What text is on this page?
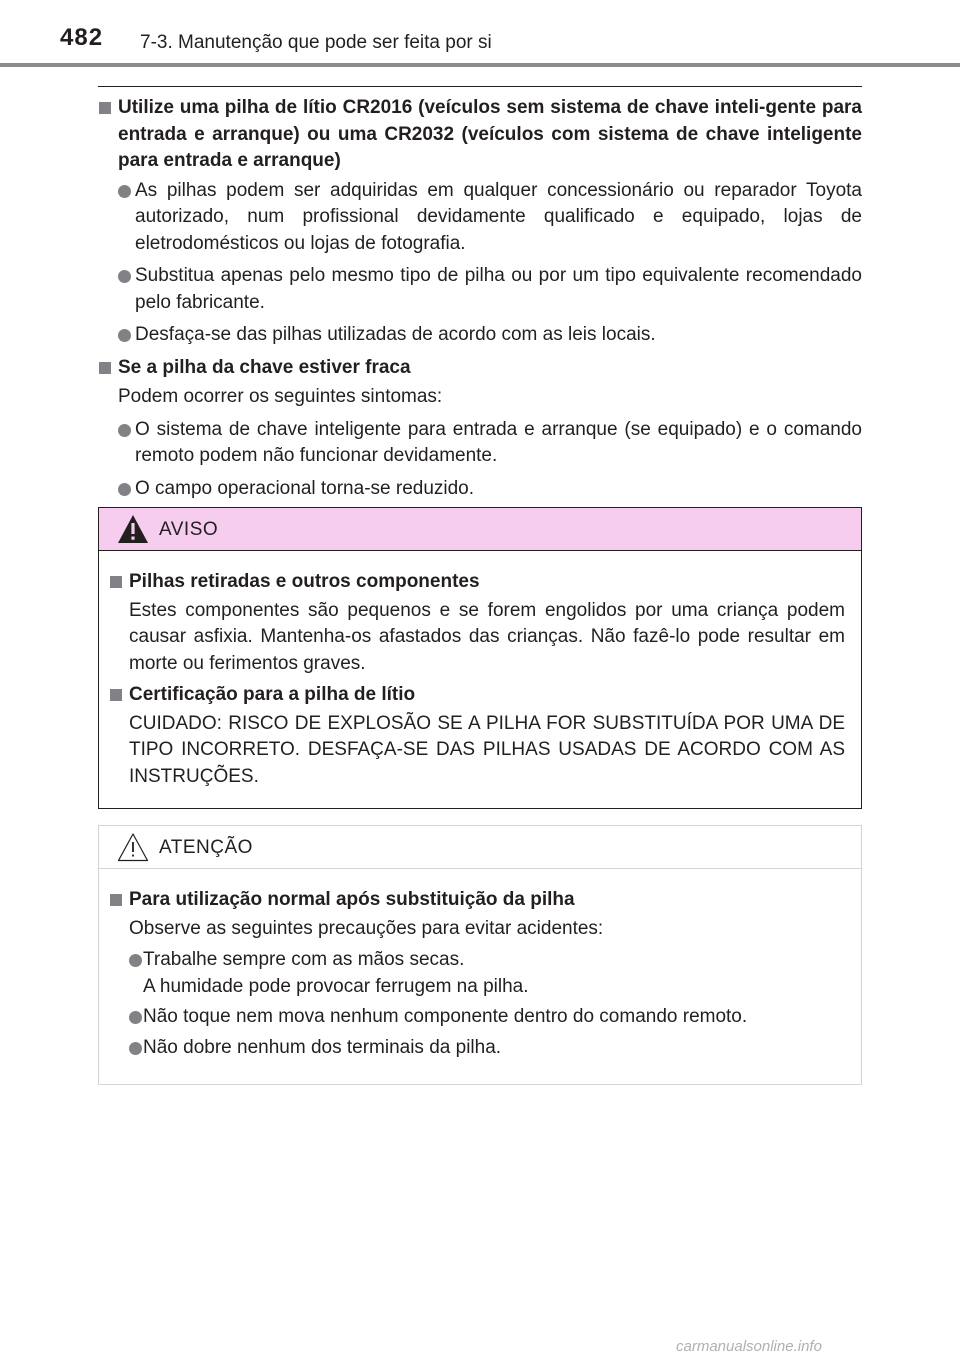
482 7-3. Manutenção que pode ser feita por si
Utilize uma pilha de lítio CR2016 (veículos sem sistema de chave inteli-gente para entrada e arranque) ou uma CR2032 (veículos com sistema de chave inteligente para entrada e arranque)
As pilhas podem ser adquiridas em qualquer concessionário ou reparador Toyota autorizado, num profissional devidamente qualificado e equipado, lojas de eletrodomésticos ou lojas de fotografia.
Substitua apenas pelo mesmo tipo de pilha ou por um tipo equivalente recomendado pelo fabricante.
Desfaça-se das pilhas utilizadas de acordo com as leis locais.
Se a pilha da chave estiver fraca
Podem ocorrer os seguintes sintomas:
O sistema de chave inteligente para entrada e arranque (se equipado) e o comando remoto podem não funcionar devidamente.
O campo operacional torna-se reduzido.
AVISO
Pilhas retiradas e outros componentes
Estes componentes são pequenos e se forem engolidos por uma criança podem causar asfixia. Mantenha-os afastados das crianças. Não fazê-lo pode resultar em morte ou ferimentos graves.
Certificação para a pilha de lítio
CUIDADO: RISCO DE EXPLOSÃO SE A PILHA FOR SUBSTITUÍDA POR UMA DE TIPO INCORRETO. DESFAÇA-SE DAS PILHAS USADAS DE ACORDO COM AS INSTRUÇÕES.
ATENÇÃO
Para utilização normal após substituição da pilha
Observe as seguintes precauções para evitar acidentes:
Trabalhe sempre com as mãos secas.
A humidade pode provocar ferrugem na pilha.
Não toque nem mova nenhum componente dentro do comando remoto.
Não dobre nenhum dos terminais da pilha.
carmanualsonline.info
